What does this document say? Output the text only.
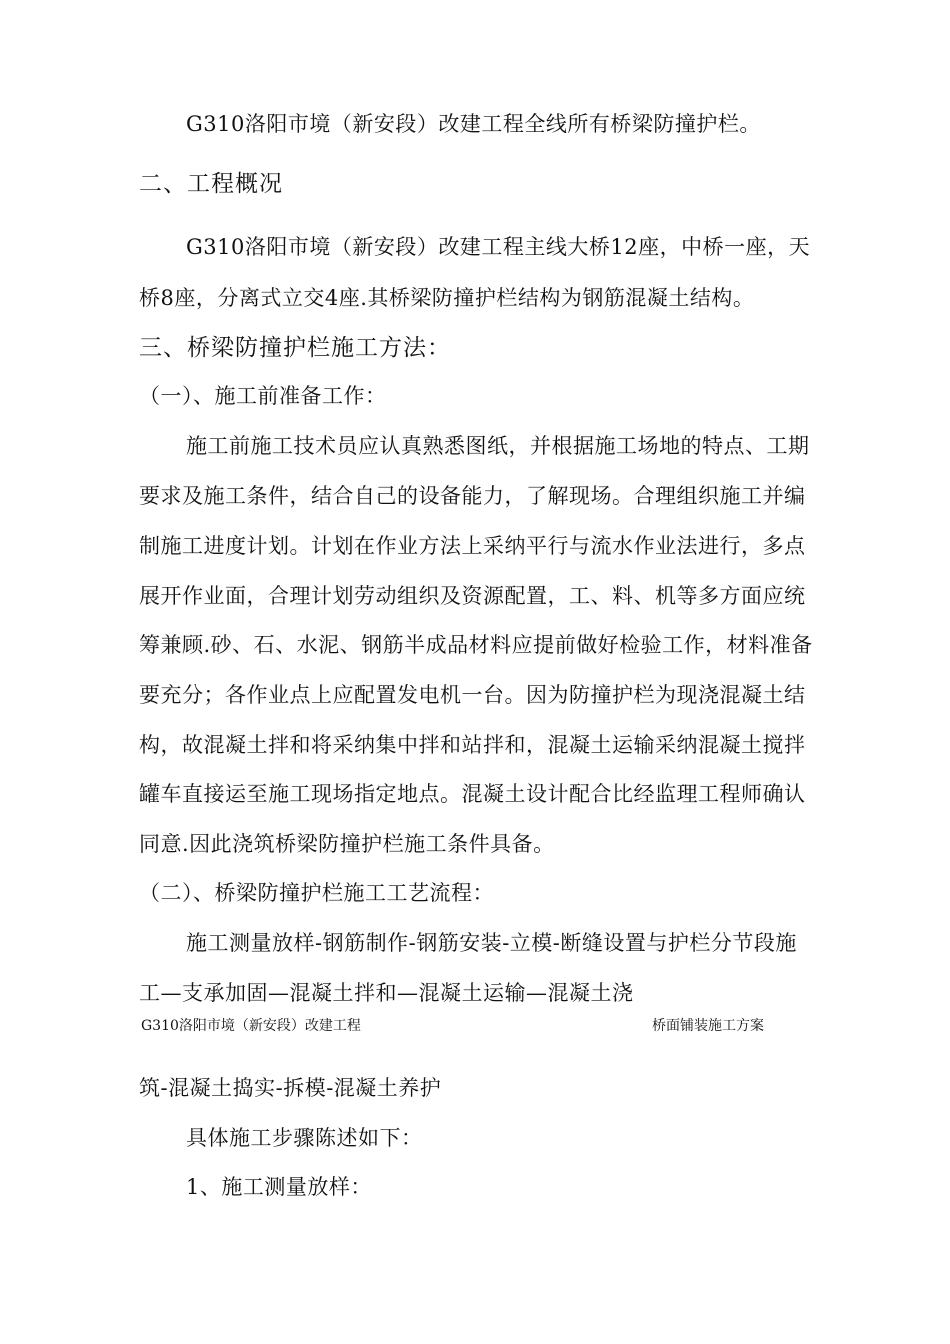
G310洛阳市境（新安段）改建工程全线所有桥梁防撞护栏。
二、工程概况
G310洛阳市境（新安段）改建工程主线大桥12座，中桥一座，天
桥8座，分离式立交4座.其桥梁防撞护栏结构为钢筋混凝土结构。
三、桥梁防撞护栏施工方法：
（一）、施工前准备工作：
施工前施工技术员应认真熟悉图纸，并根据施工场地的特点、工期
要求及施工条件，结合自己的设备能力，了解现场。合理组织施工并编
制施工进度计划。计划在作业方法上采纳平行与流水作业法进行，多点
展开作业面，合理计划劳动组织及资源配置，工、料、机等多方面应统
筹兼顾.砂、石、水泥、钢筋半成品材料应提前做好检验工作，材料准备
要充分；各作业点上应配置发电机一台。因为防撞护栏为现浇混凝土结
构，故混凝土拌和将采纳集中拌和站拌和，混凝土运输采纳混凝土搅拌
罐车直接运至施工现场指定地点。混凝土设计配合比经监理工程师确认
同意.因此浇筑桥梁防撞护栏施工条件具备。
（二）、桥梁防撞护栏施工工艺流程：
施工测量放样-钢筋制作-钢筋安装-立模-断缝设置与护栏分节段施
工—支承加固—混凝土拌和—混凝土运输—混凝土浇
G310洛阳市境（新安段）改建工程	桥面铺装施工方案
筑-混凝土捣实-拆模-混凝土养护
具体施工步骤陈述如下：
1、施工测量放样：
